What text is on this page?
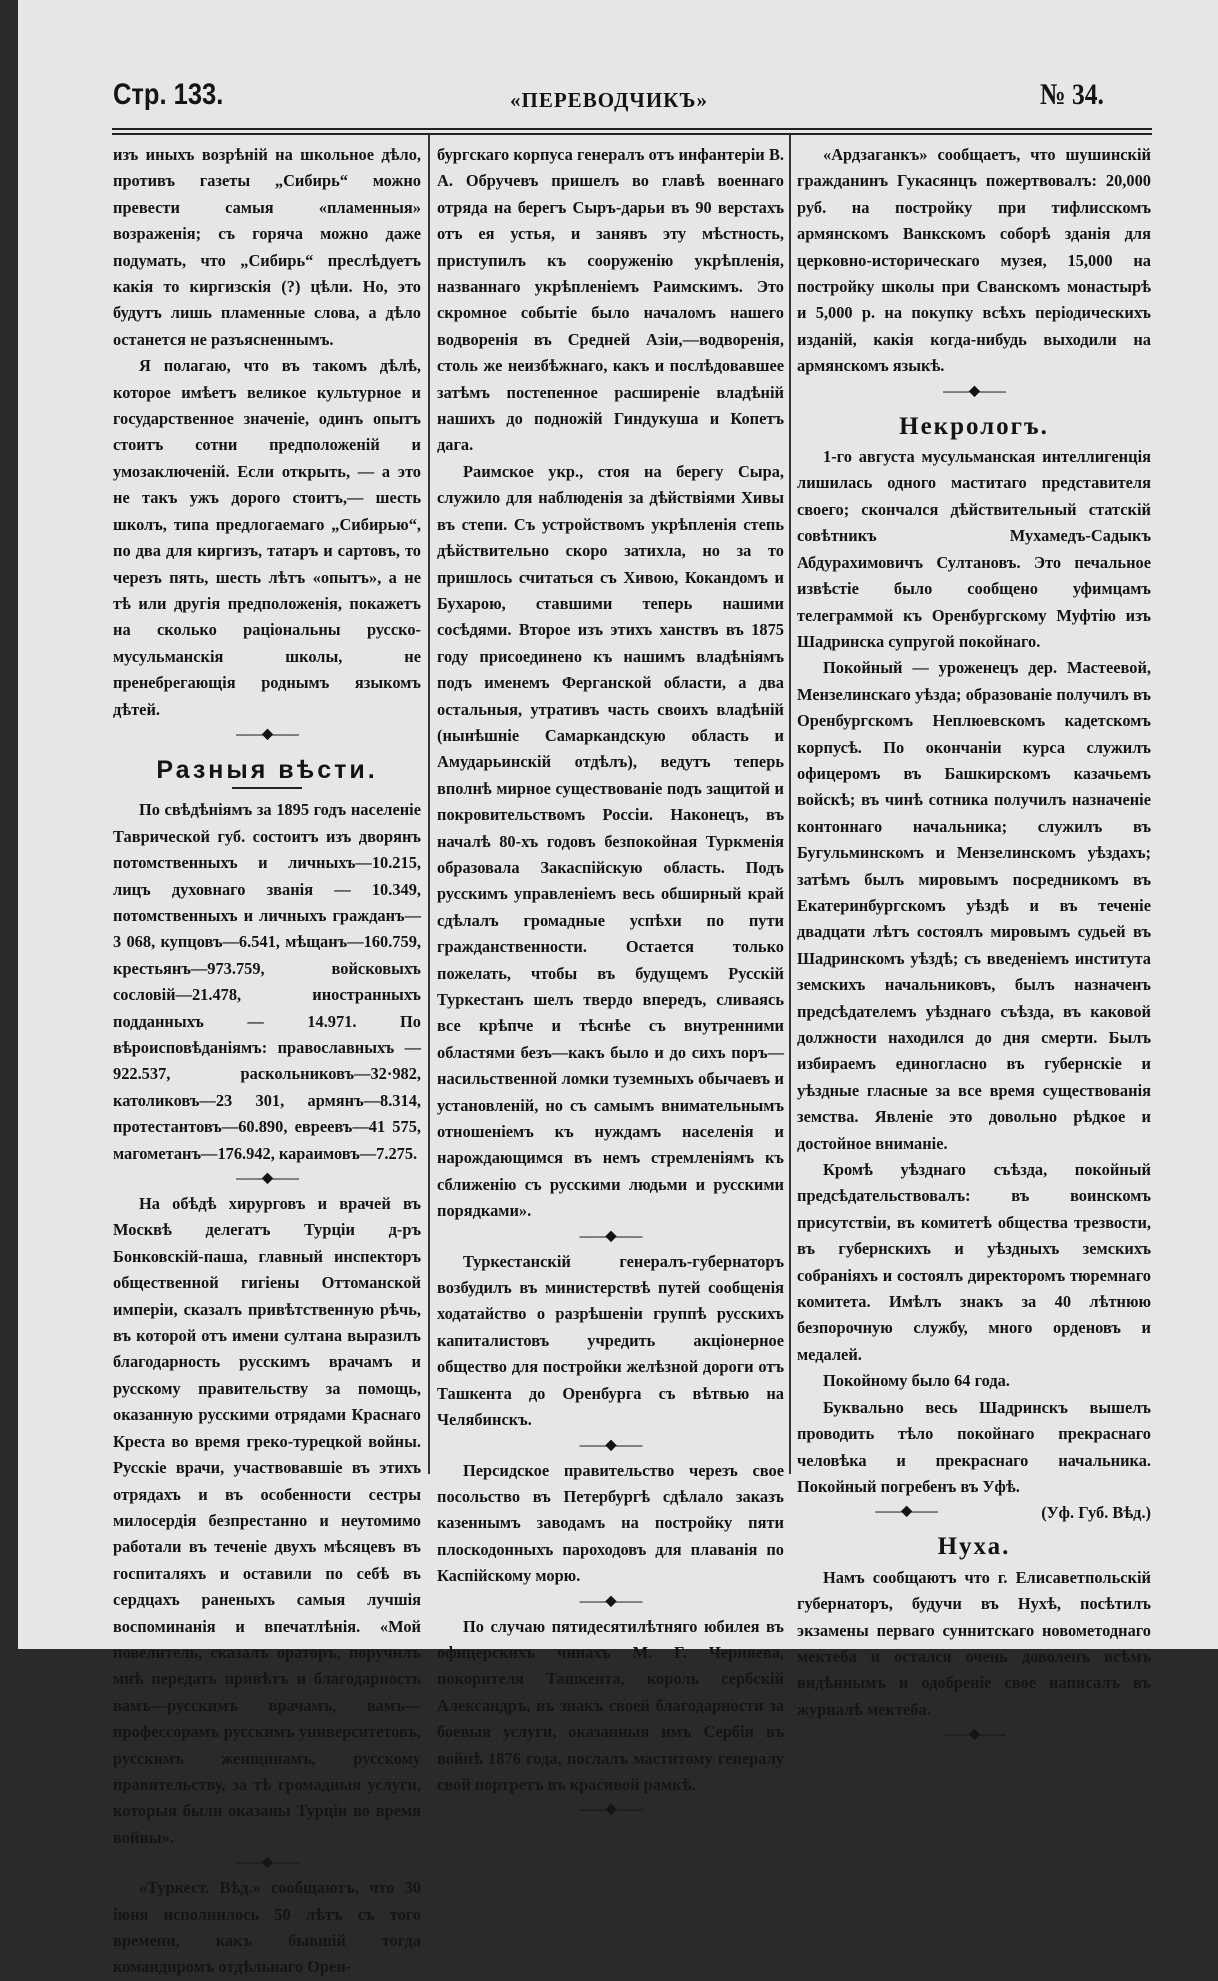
Стр. 133.	«ПЕРЕВОДЧИКЪ»	№ 34.

изъ иныхъ возрѣній на школьное дѣло, противъ газеты „Сибирь“ можно превести самыя «пламенныя» возраженія; съ горяча можно даже подумать, что „Сибирь“ преслѣдуетъ какія то киргизскія (?) цѣли. Но, это будутъ лишь пламенные слова, а дѣло останется не разъясненнымъ.

Я полагаю, что въ такомъ дѣлѣ, которое имѣетъ великое культурное и государственное значеніе, одинъ опытъ стоитъ сотни предположеній и умозаключеній. Если открыть, — а это не такъ ужъ дорого стоитъ,— шесть школъ, типа предлогаемаго „Сибирью“, по два для киргизъ, татаръ и сартовъ, то черезъ пять, шесть лѣтъ «опытъ», а не тѣ или другія предположенія, покажетъ на сколько раціональны русско-мусульманскія школы, не пренебрегающія роднымъ языкомъ дѣтей.

——◆——
Разныя вѣсти.

По свѣдѣніямъ за 1895 годъ населеніе Таврической губ. состоитъ изъ дворянъ потомственныхъ и личныхъ—10.215, лицъ духовнаго званія — 10.349, потомственныхъ и личныхъ гражданъ—3 068, купцовъ—6.541, мѣщанъ—160.759, крестьянъ—973.759, войсковыхъ сословій—21.478, иностранныхъ подданныхъ — 14.971. По вѣроисповѣданіямъ: православныхъ — 922.537, раскольниковъ—32·982, католиковъ—23 301, армянъ—8.314, протестантовъ—60.890, евреевъ—41 575, магометанъ—176.942, караимовъ—7.275.

——◆——

На обѣдѣ хирурговъ и врачей въ Москвѣ делегатъ Турціи д-ръ Бонковскій-паша, главный инспекторъ общественной гигіены Оттоманской имперіи, сказалъ привѣтственную рѣчь, въ которой отъ имени султана выразилъ благодарность русскимъ врачамъ и русскому правительству за помощь, оказанную русскими отрядами Краснаго Креста во время греко-турецкой войны. Русскіе врачи, участвовавшіе въ этихъ отрядахъ и въ особенности сестры милосердія безпрестанно и неутомимо работали въ теченіе двухъ мѣсяцевъ въ госпиталяхъ и оставили по себѣ въ сердцахъ раненыхъ самыя лучшія воспоминанія и впечатлѣнія. «Мой повелитель, сказалъ ораторъ, поручилъ мнѣ передать привѣтъ и благодарность вамъ—русскимъ врачамъ, вамъ—профессорамъ русскимъ университетовъ, русскимъ женщинамъ, русскому правительству, за тѣ громадныя услуги, которыя были оказаны Турціи во время войны».

——◆——

«Туркест. Вѣд.» сообщаютъ, что 30 іюня исполнилось 50 лѣтъ съ того времени, какъ бывшій тогда командиромъ отдѣльнаго Орен-

бургскаго корпуса генералъ отъ инфантеріи В. А. Обручевъ пришелъ во главѣ военнаго отряда на берегъ Сыръ-дарьи въ 90 верстахъ отъ ея устья, и занявъ эту мѣстность, приступилъ къ сооруженію укрѣпленія, названнаго укрѣпленіемъ Раимскимъ. Это скромное событіе было началомъ нашего водворенія въ Средней Азіи,—водворенія, столь же неизбѣжнаго, какъ и послѣдовавшее затѣмъ постепенное расширеніе владѣній нашихъ до подножій Гиндукуша и Копетъ дага.

Раимское укр., стоя на берегу Сыра, служило для наблюденія за дѣйствіями Хивы въ степи. Съ устройствомъ укрѣпленія степь дѣйствительно скоро затихла, но за то пришлось считаться съ Хивою, Кокандомъ и Бухарою, ставшими теперь нашими сосѣдями. Второе изъ этихъ ханствъ въ 1875 году присоединено къ нашимъ владѣніямъ подъ именемъ Ферганской области, а два остальныя, утративъ часть своихъ владѣній (нынѣшніе Самаркандскую область и Амударьинскій отдѣлъ), ведутъ теперь вполнѣ мирное существованіе подъ защитой и покровительствомъ Россіи. Наконецъ, въ началѣ 80-хъ годовъ безпокойная Туркменія образовала Закаспійскую область. Подъ русскимъ управленіемъ весь обширный край сдѣлалъ громадные успѣхи по пути гражданственности. Остается только пожелать, чтобы въ будущемъ Русскій Туркестанъ шелъ твердо впередъ, сливаясь все крѣпче и тѣснѣе съ внутренними областями безъ—какъ было и до сихъ поръ—насильственной ломки туземныхъ обычаевъ и установленій, но съ самымъ внимательнымъ отношеніемъ къ нуждамъ населенія и нарождающимся въ немъ стремленіямъ къ сближенію съ русскими людьми и русскими порядками».

——◆——

Туркестанскій генералъ-губернаторъ возбудилъ въ министерствѣ путей сообщенія ходатайство о разрѣшеніи группѣ русскихъ капиталистовъ учредить акціонерное общество для постройки желѣзной дороги отъ Ташкента до Оренбурга съ вѣтвью на Челябинскъ.

——◆——

Персидское правительство черезъ свое посольство въ Петербургѣ сдѣлало заказъ казеннымъ заводамъ на постройку пяти плоскодонныхъ пароходовъ для плаванія по Каспійскому морю.

——◆——

По случаю пятидесятилѣтняго юбилея въ офицерскихъ чинахъ М. Г. Черняева, покорителя Ташкента, король сербскій Александръ, въ знакъ своей благодарности за боевыя услуги, оказанныя имъ Сербіи въ войнѣ 1876 года, послалъ маститому генералу свой портретъ въ красивой рамкѣ.

——◆——

«Ардзаганкъ» сообщаетъ, что шушинскій гражданинъ Гукасянцъ пожертвовалъ: 20,000 руб. на постройку при тифлисскомъ армянскомъ Ванкскомъ соборѣ зданія для церковно-историческаго музея, 15,000 на постройку школы при Сванскомъ монастырѣ и 5,000 р. на покупку всѣхъ періодическихъ изданій, какія когда-нибудь выходили на армянскомъ языкѣ.

——◆——
Некрологъ.

1-го августа мусульманская интеллигенція лишилась одного маститаго представителя своего; скончался дѣйствительный статскій совѣтникъ Мухамедъ-Садыкъ Абдурахимовичъ Султановъ. Это печальное извѣстіе было сообщено уфимцамъ телеграммой къ Оренбургскому Муфтію изъ Шадринска супругой покойнаго.

Покойный — уроженецъ дер. Мастеевой, Мензелинскаго уѣзда; образованіе получилъ въ Оренбургскомъ Неплюевскомъ кадетскомъ корпусѣ. По окончаніи курса служилъ офицеромъ въ Башкирскомъ казачьемъ войскѣ; въ чинѣ сотника получилъ назначеніе контоннаго начальника; служилъ въ Бугульминскомъ и Мензелинскомъ уѣздахъ; затѣмъ былъ мировымъ посредникомъ въ Екатеринбургскомъ уѣздѣ и въ теченіе двадцати лѣтъ состоялъ мировымъ судьей въ Шадринскомъ уѣздѣ; съ введеніемъ института земскихъ начальниковъ, былъ назначенъ предсѣдателемъ уѣзднаго съѣзда, въ каковой должности находился до дня смерти. Былъ избираемъ единогласно въ губернскіе и уѣздные гласные за все время существованія земства. Явленіе это довольно рѣдкое и достойное вниманіе.

Кромѣ уѣзднаго съѣзда, покойный предсѣдательствовалъ: въ воинскомъ присутствіи, въ комитетѣ общества трезвости, въ губернскихъ и уѣздныхъ земскихъ собраніяхъ и состоялъ директоромъ тюремнаго комитета. Имѣлъ знакъ за 40 лѣтнюю безпорочную службу, много орденовъ и медалей.

Покойному было 64 года.

Буквально весь Шадринскъ вышелъ проводить тѣло покойнаго прекраснаго человѣка и прекраснаго начальника. Покойный погребенъ въ Уфѣ.
(Уф. Губ. Вѣд.)

——◆——
Нуха.

Намъ сообщаютъ что г. Елисаветпольскій губернаторъ, будучи въ Нухѣ, посѣтилъ экзамены перваго суннитскаго новометоднаго мектеба и остался очень доволенъ всѣмъ видѣннымъ и одобреніе свое написалъ въ журналѣ мектеба.

——◆——
